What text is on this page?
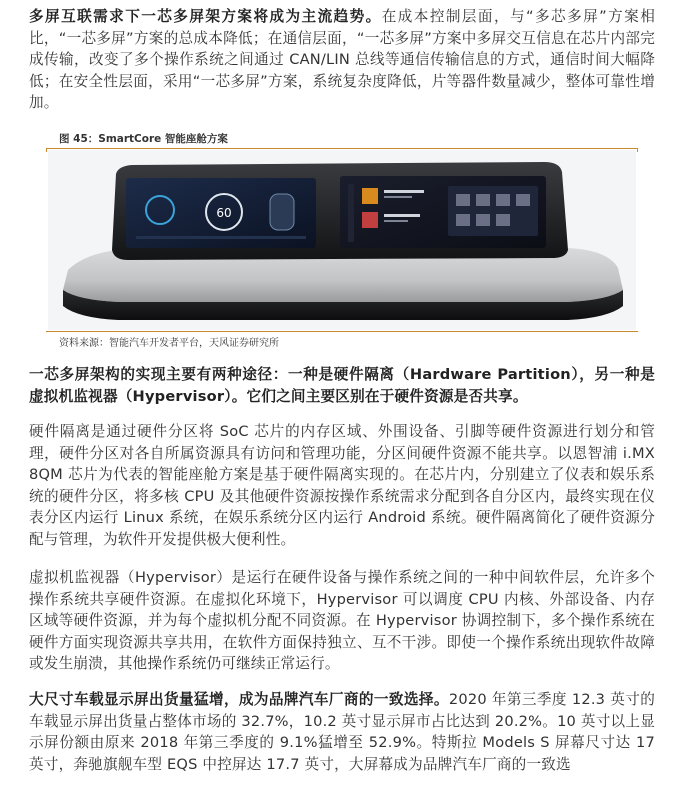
多屏互联需求下一芯多屏架方案将成为主流趋势。在成本控制层面，与“多芯多屏”方案相比，“一芯多屏”方案的总成本降低；在通信层面，“一芯多屏”方案中多屏交互信息在芯片内部完成传输，改变了多个操作系统之间通过 CAN/LIN 总线等通信传输信息的方式，通信时间大幅降低；在安全性层面，采用“一芯多屏”方案，系统复杂度降低，片等器件数量减少，整体可靠性增加。

图 45：SmartCore 智能座舱方案
60
资料来源：智能汽车开发者平台，天风证券研究所

一芯多屏架构的实现主要有两种途径：一种是硬件隔离（Hardware Partition），另一种是虚拟机监视器（Hypervisor）。它们之间主要区别在于硬件资源是否共享。

硬件隔离是通过硬件分区将 SoC 芯片的内存区域、外围设备、引脚等硬件资源进行划分和管理，硬件分区对各自所属资源具有访问和管理功能，分区间硬件资源不能共享。以恩智浦 i.MX 8QM 芯片为代表的智能座舱方案是基于硬件隔离实现的。在芯片内，分别建立了仪表和娱乐系统的硬件分区，将多核 CPU 及其他硬件资源按操作系统需求分配到各自分区内，最终实现在仪表分区内运行 Linux 系统，在娱乐系统分区内运行 Android 系统。硬件隔离简化了硬件资源分配与管理，为软件开发提供极大便利性。

虚拟机监视器（Hypervisor）是运行在硬件设备与操作系统之间的一种中间软件层，允许多个操作系统共享硬件资源。在虚拟化环境下，Hypervisor 可以调度 CPU 内核、外部设备、内存区域等硬件资源，并为每个虚拟机分配不同资源。在 Hypervisor 协调控制下，多个操作系统在硬件方面实现资源共享共用，在软件方面保持独立、互不干涉。即使一个操作系统出现软件故障或发生崩溃，其他操作系统仍可继续正常运行。

大尺寸车载显示屏出货量猛增，成为品牌汽车厂商的一致选择。2020 年第三季度 12.3 英寸的车载显示屏出货量占整体市场的 32.7%，10.2 英寸显示屏市占比达到 20.2%。10 英寸以上显示屏份额由原来 2018 年第三季度的 9.1%猛增至 52.9%。特斯拉 Models S 屏幕尺寸达 17 英寸，奔驰旗舰车型 EQS 中控屏达 17.7 英寸，大屏幕成为品牌汽车厂商的一致选
